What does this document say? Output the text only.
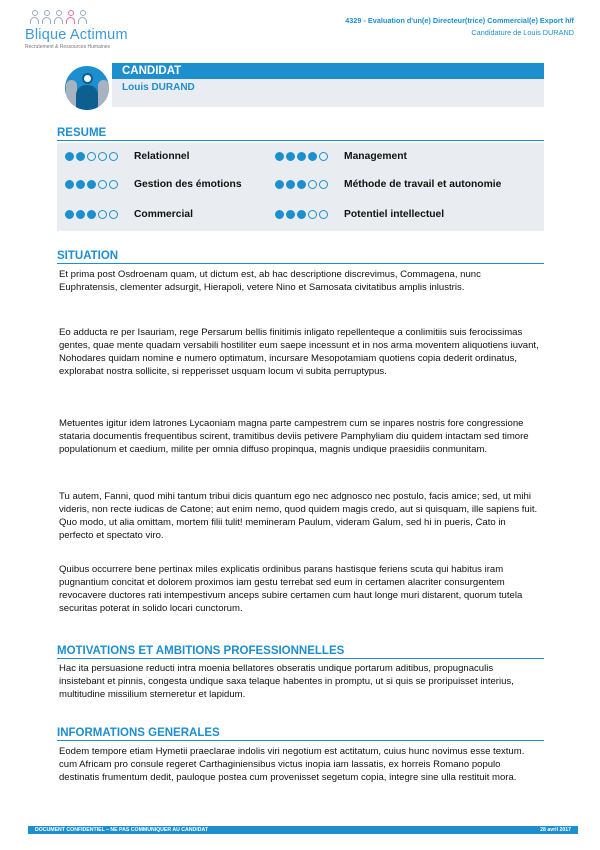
Blique Actimum
Recrutement & Ressources Humaines
4329 - Evaluation d'un(e) Directeur(trice) Commercial(e) Export h/f
Candidature de Louis DURAND
CANDIDAT
Louis DURAND
RESUME
Relationnel	Management
Gestion des émotions	Méthode de travail et autonomie
Commercial	Potentiel intellectuel
SITUATION

Et prima post Osdroenam quam, ut dictum est, ab hac descriptione discrevimus, Commagena, nunc Euphratensis, clementer adsurgit, Hierapoli, vetere Nino et Samosata civitatibus amplis inlustris.

Eo adducta re per Isauriam, rege Persarum bellis finitimis inligato repellenteque a conlimitiis suis ferocissimas gentes, quae mente quadam versabili hostiliter eum saepe incessunt et in nos arma moventem aliquotiens iuvant, Nohodares quidam nomine e numero optimatum, incursare Mesopotamiam quotiens copia dederit ordinatus, explorabat nostra sollicite, si repperisset usquam locum vi subita perruptурus.

Metuentes igitur idem latrones Lycaoniam magna parte campestrem cum se inpares nostris fore congressione stataria documentis frequentibus scirent, tramitibus deviis petivere Pamphyliam diu quidem intactam sed timore populationum et caedium, milite per omnia diffuso propinqua, magnis undique praesidiis conmunitam.

Tu autem, Fanni, quod mihi tantum tribui dicis quantum ego nec adgnosco nec postulo, facis amice; sed, ut mihi videris, non recte iudicas de Catone; aut enim nemo, quod quidem magis credo, aut si quisquam, ille sapiens fuit. Quo modo, ut alia omittam, mortem filii tulit! memineram Paulum, videram Galum, sed hi in pueris, Cato in perfecto et spectato viro.

Quibus occurrere bene pertinax miles explicatis ordinibus parans hastisque feriens scuta qui habitus iram pugnantium concitat et dolorem proximos iam gestu terrebat sed eum in certamen alacriter consurgentem revocavere ductores rati intempestivum anceps subire certamen cum haut longe muri distarent, quorum tutela securitas poterat in solido locari cunctorum.

MOTIVATIONS ET AMBITIONS PROFESSIONNELLES

Hac ita persuasione reducti intra moenia bellatores obseratis undique portarum aditibus, propugnaculis insistebant et pinnis, congesta undique saxa telaque habentes in promptu, ut si quis se proripuisset interius, multitudine missilium sterneretur et lapidum.

INFORMATIONS GENERALES

Eodem tempore etiam Hymetii praeclarae indolis viri negotium est actitatum, cuius hunc novimus esse textum. cum Africam pro consule regeret Carthaginiensibus victus inopia iam lassatis, ex horreis Romano populo destinatis frumentum dedit, pauloque postea cum provenisset segetum copia, integre sine ulla restituit mora.

DOCUMENT CONFIDENTIEL – NE PAS COMMUNIQUER AU CANDIDAT	28 avril 2017
